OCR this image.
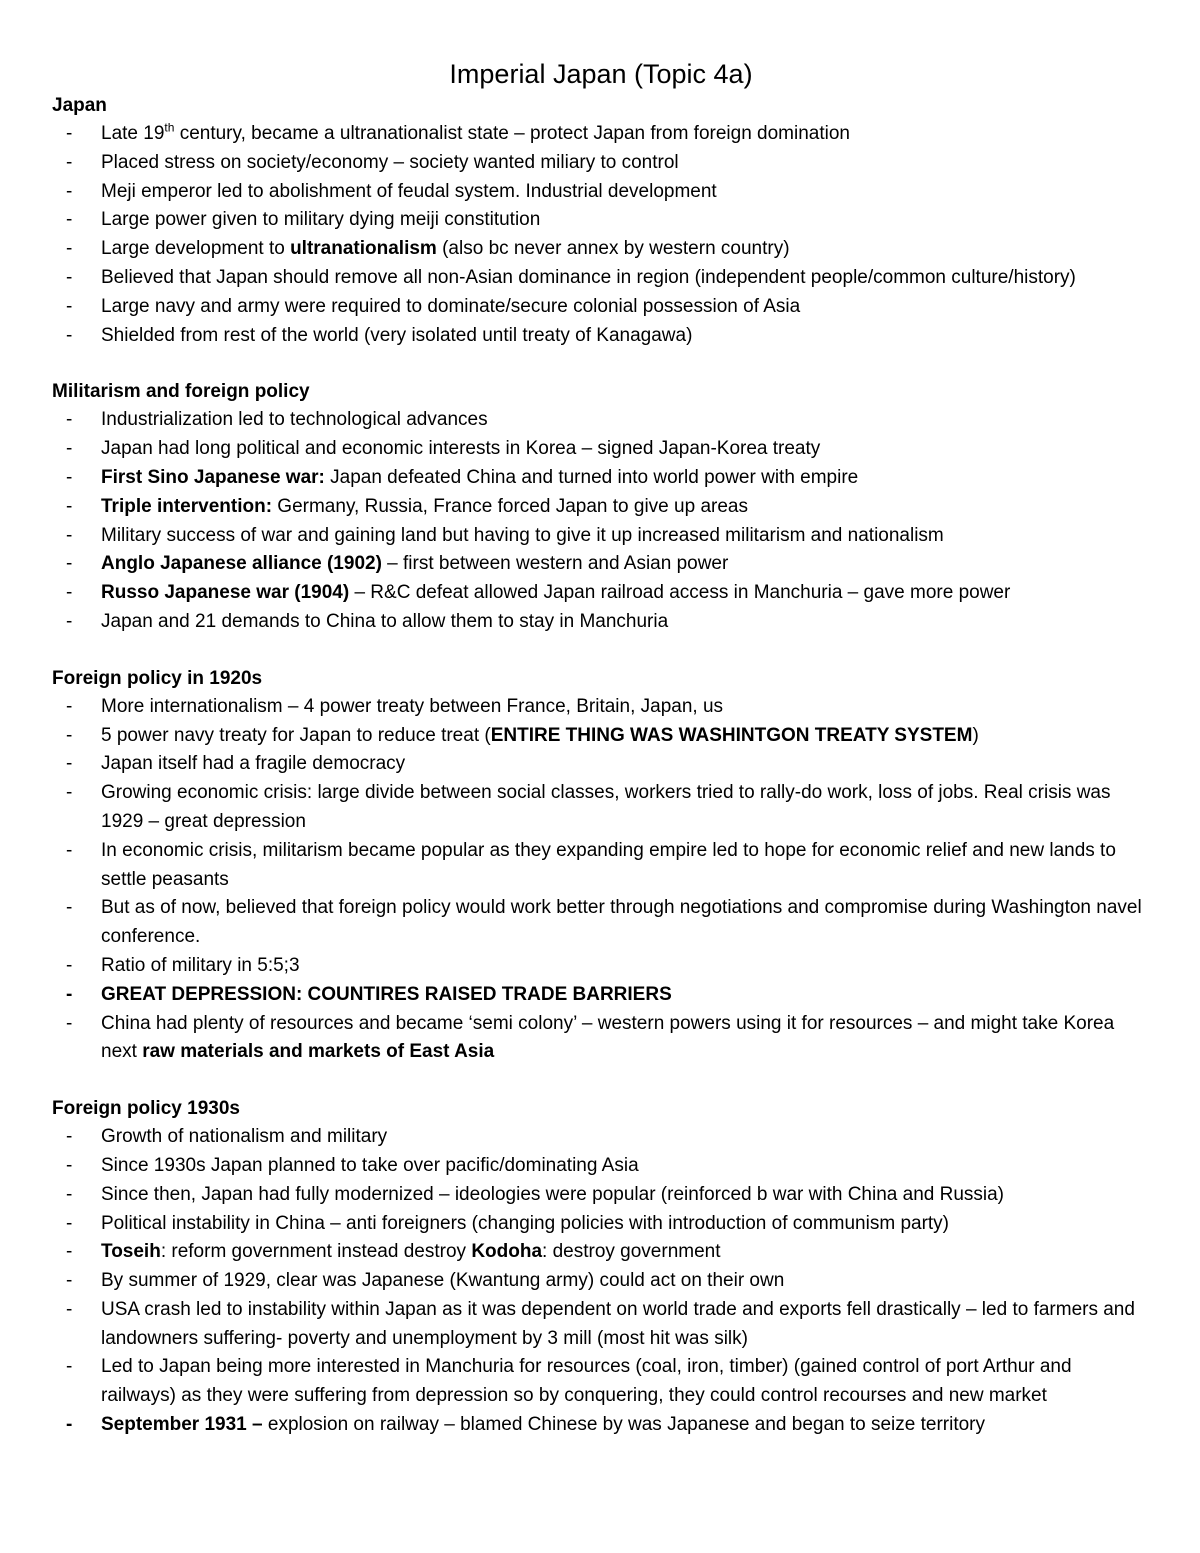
Imperial Japan (Topic 4a)
Japan
- Late 19th century, became a ultranationalist state – protect Japan from foreign domination
- Placed stress on society/economy – society wanted miliary to control
- Meji emperor led to abolishment of feudal system. Industrial development
- Large power given to military dying meiji constitution
- Large development to ultranationalism (also bc never annex by western country)
- Believed that Japan should remove all non-Asian dominance in region (independent people/common culture/history)
- Large navy and army were required to dominate/secure colonial possession of Asia
- Shielded from rest of the world (very isolated until treaty of Kanagawa)
Militarism and foreign policy
- Industrialization led to technological advances
- Japan had long political and economic interests in Korea – signed Japan-Korea treaty
- First Sino Japanese war: Japan defeated China and turned into world power with empire
- Triple intervention: Germany, Russia, France forced Japan to give up areas
- Military success of war and gaining land but having to give it up increased militarism and nationalism
- Anglo Japanese alliance (1902) – first between western and Asian power
- Russo Japanese war (1904) – R&C defeat allowed Japan railroad access in Manchuria – gave more power
- Japan and 21 demands to China to allow them to stay in Manchuria
Foreign policy in 1920s
- More internationalism – 4 power treaty between France, Britain, Japan, us
- 5 power navy treaty for Japan to reduce treat (ENTIRE THING WAS WASHINTGON TREATY SYSTEM)
- Japan itself had a fragile democracy
- Growing economic crisis: large divide between social classes, workers tried to rally-do work, loss of jobs. Real crisis was 1929 – great depression
- In economic crisis, militarism became popular as they expanding empire led to hope for economic relief and new lands to settle peasants
- But as of now, believed that foreign policy would work better through negotiations and compromise during Washington navel conference.
- Ratio of military in 5:5;3
- GREAT DEPRESSION: COUNTIRES RAISED TRADE BARRIERS
- China had plenty of resources and became ‘semi colony’ – western powers using it for resources – and might take Korea next raw materials and markets of East Asia
Foreign policy 1930s
- Growth of nationalism and military
- Since 1930s Japan planned to take over pacific/dominating Asia
- Since then, Japan had fully modernized – ideologies were popular (reinforced b war with China and Russia)
- Political instability in China – anti foreigners (changing policies with introduction of communism party)
- Toseih: reform government instead destroy Kodoha: destroy government
- By summer of 1929, clear was Japanese (Kwantung army) could act on their own
- USA crash led to instability within Japan as it was dependent on world trade and exports fell drastically – led to farmers and landowners suffering- poverty and unemployment by 3 mill (most hit was silk)
- Led to Japan being more interested in Manchuria for resources (coal, iron, timber) (gained control of port Arthur and railways) as they were suffering from depression so by conquering, they could control recourses and new market
- September 1931 – explosion on railway – blamed Chinese by was Japanese and began to seize territory
